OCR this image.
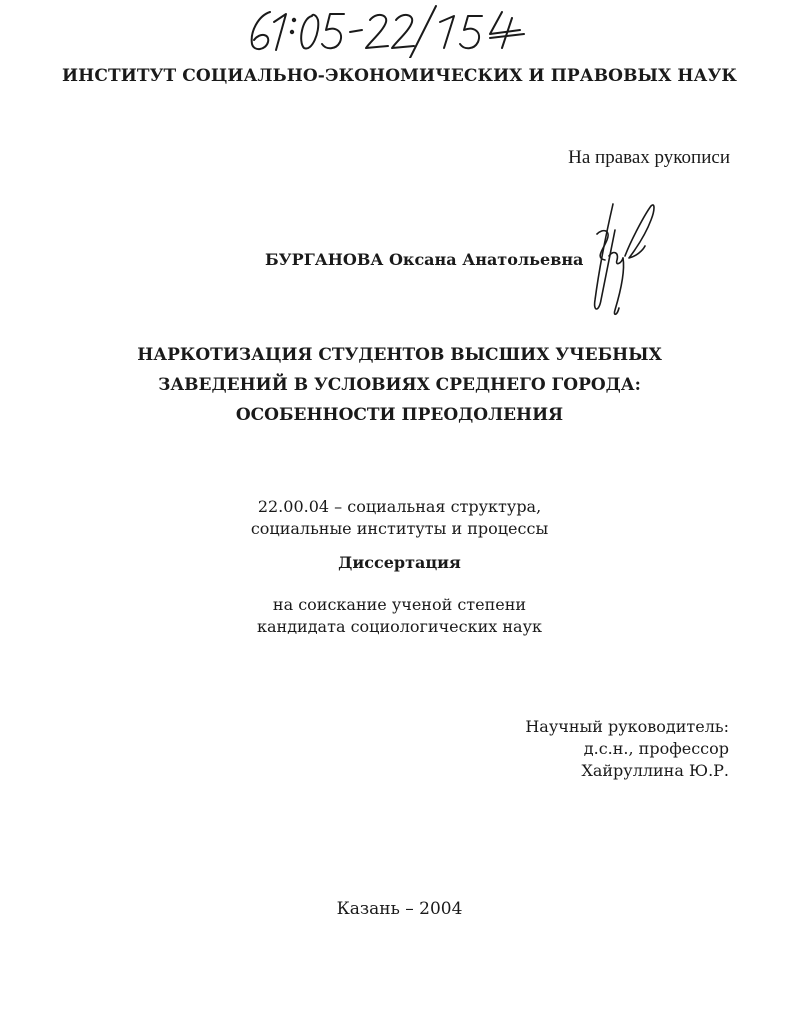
ИНСТИТУТ СОЦИАЛЬНО-ЭКОНОМИЧЕСКИХ И ПРАВОВЫХ НАУК
На правах рукописи
БУРГАНОВА Оксана Анатольевна
НАРКОТИЗАЦИЯ СТУДЕНТОВ ВЫСШИХ УЧЕБНЫХ
ЗАВЕДЕНИЙ В УСЛОВИЯХ СРЕДНЕГО ГОРОДА:
ОСОБЕННОСТИ ПРЕОДОЛЕНИЯ
22.00.04 – социальная структура,
социальные институты и процессы
Диссертация
на соискание ученой степени
кандидата социологических наук
Научный руководитель:
д.с.н., профессор
Хайруллина Ю.Р.
Казань – 2004
